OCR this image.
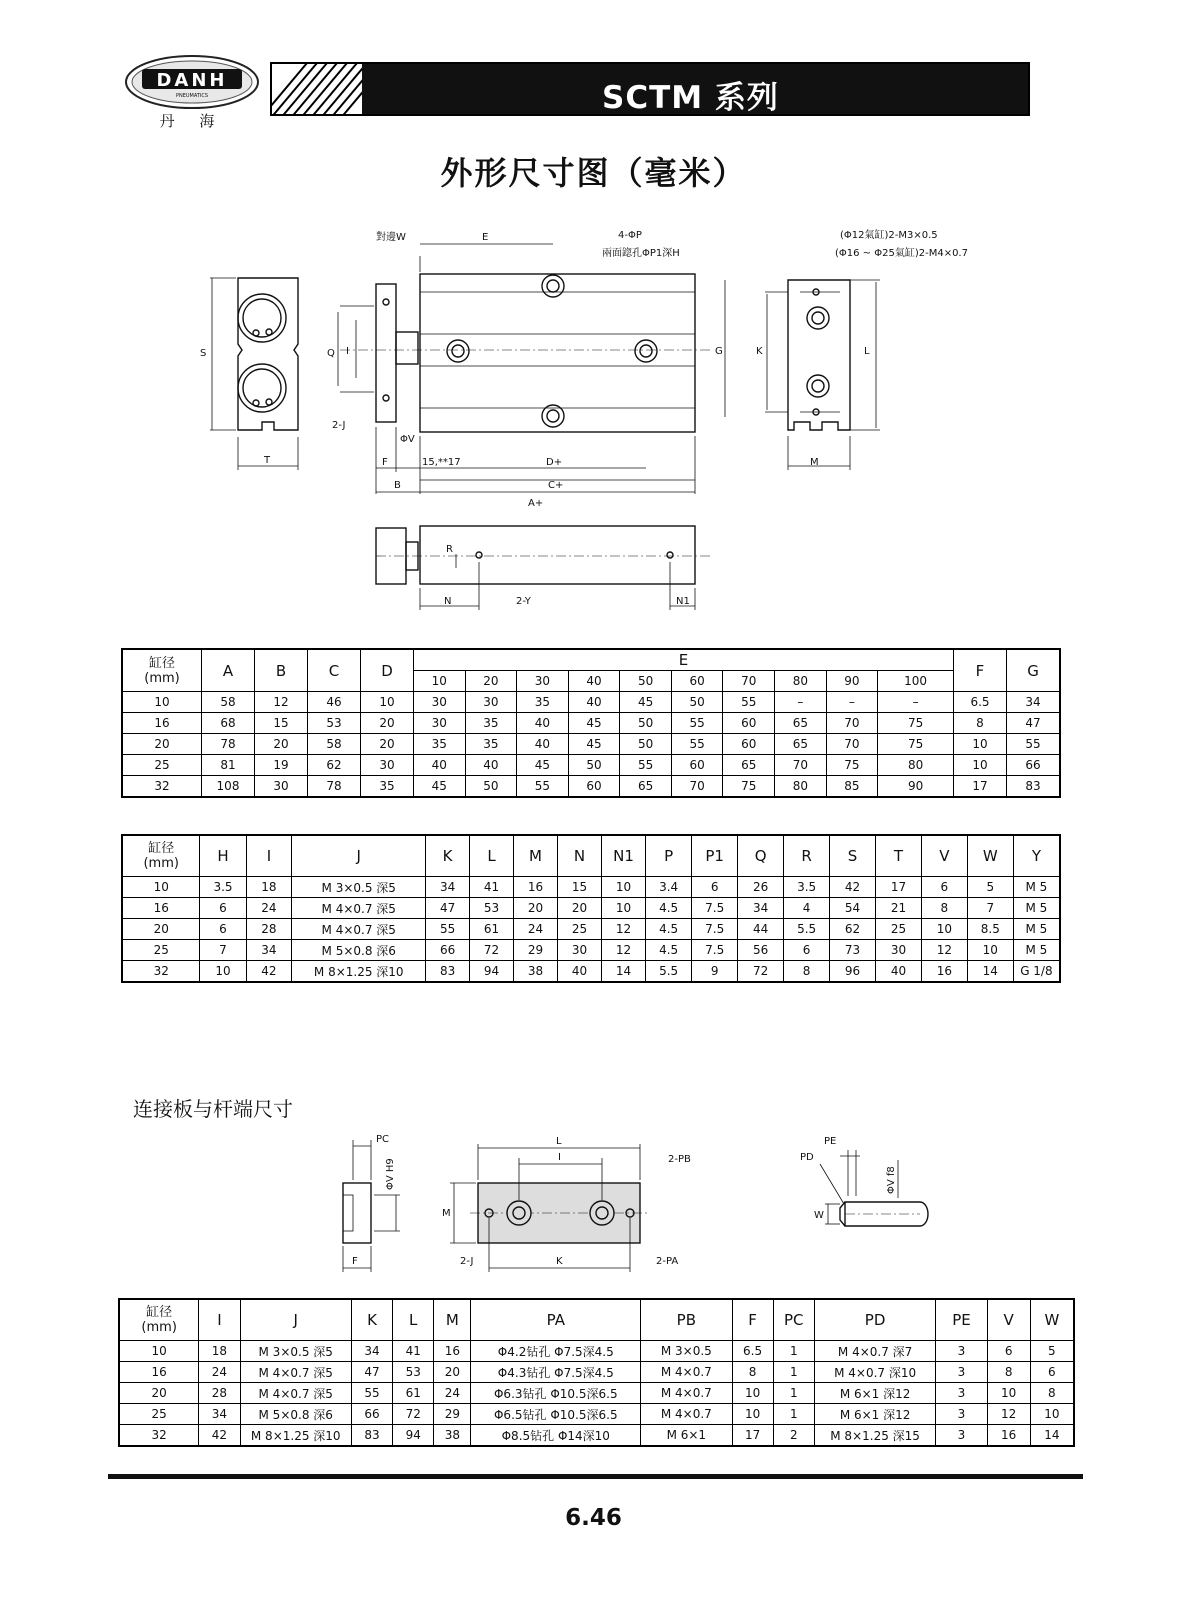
DANH
PNEUMATICS
丹 海
SCTM 系列
外形尺寸图（毫米）
對邊W	E	4-ΦP
兩面鍃孔ΦP1深H
(Φ12氣缸)2-M3×0.5
(Φ16 ~ Φ25氣缸)2-M4×0.7
S	Q I	G	K	L
2-J
ΦV
T	F	15,**17	D+
B	C+
A+
M
R
N	2-Y	N1
缸径
(mm)	A	B	C	D	E										F	G
					10	20	30	40	50	60	70	80	90	100		
10	58	12	46	10	30	30	35	40	45	50	55	–	–	–	6.5	34
16	68	15	53	20	30	35	40	45	50	55	60	65	70	75	8	47
20	78	20	58	20	35	35	40	45	50	55	60	65	70	75	10	55
25	81	19	62	30	40	40	45	50	55	60	65	70	75	80	10	66
32	108	30	78	35	45	50	55	60	65	70	75	80	85	90	17	83
缸径
(mm)	H	I	J	K	L	M	N	N1	P	P1	Q	R	S	T	V	W	Y
10	3.5	18	M 3×0.5 深5	34	41	16	15	10	3.4	6	26	3.5	42	17	6	5	M 5
16	6	24	M 4×0.7 深5	47	53	20	20	10	4.5	7.5	34	4	54	21	8	7	M 5
20	6	28	M 4×0.7 深5	55	61	24	25	12	4.5	7.5	44	5.5	62	25	10	8.5	M 5
25	7	34	M 5×0.8 深6	66	72	29	30	12	4.5	7.5	56	6	73	30	12	10	M 5
32	10	42	M 8×1.25 深10	83	94	38	40	14	5.5	9	72	8	96	40	16	14	G 1/8
连接板与杆端尺寸
PC
ΦV H9
F
L
I	2-PB
M
2-J	K	2-PA
PE
PD
ΦV f8
W
缸径
(mm)	I	J	K	L	M	PA	PB	F	PC	PD	PE	V	W
10	18	M 3×0.5 深5	34	41	16	Φ4.2钻孔 Φ7.5深4.5	M 3×0.5	6.5	1	M 4×0.7 深7	3	6	5
16	24	M 4×0.7 深5	47	53	20	Φ4.3钻孔 Φ7.5深4.5	M 4×0.7	8	1	M 4×0.7 深10	3	8	6
20	28	M 4×0.7 深5	55	61	24	Φ6.3钻孔 Φ10.5深6.5	M 4×0.7	10	1	M 6×1 深12	3	10	8
25	34	M 5×0.8 深6	66	72	29	Φ6.5钻孔 Φ10.5深6.5	M 4×0.7	10	1	M 6×1 深12	3	12	10
32	42	M 8×1.25 深10	83	94	38	Φ8.5钻孔 Φ14深10	M 6×1	17	2	M 8×1.25 深15	3	16	14
6.46
